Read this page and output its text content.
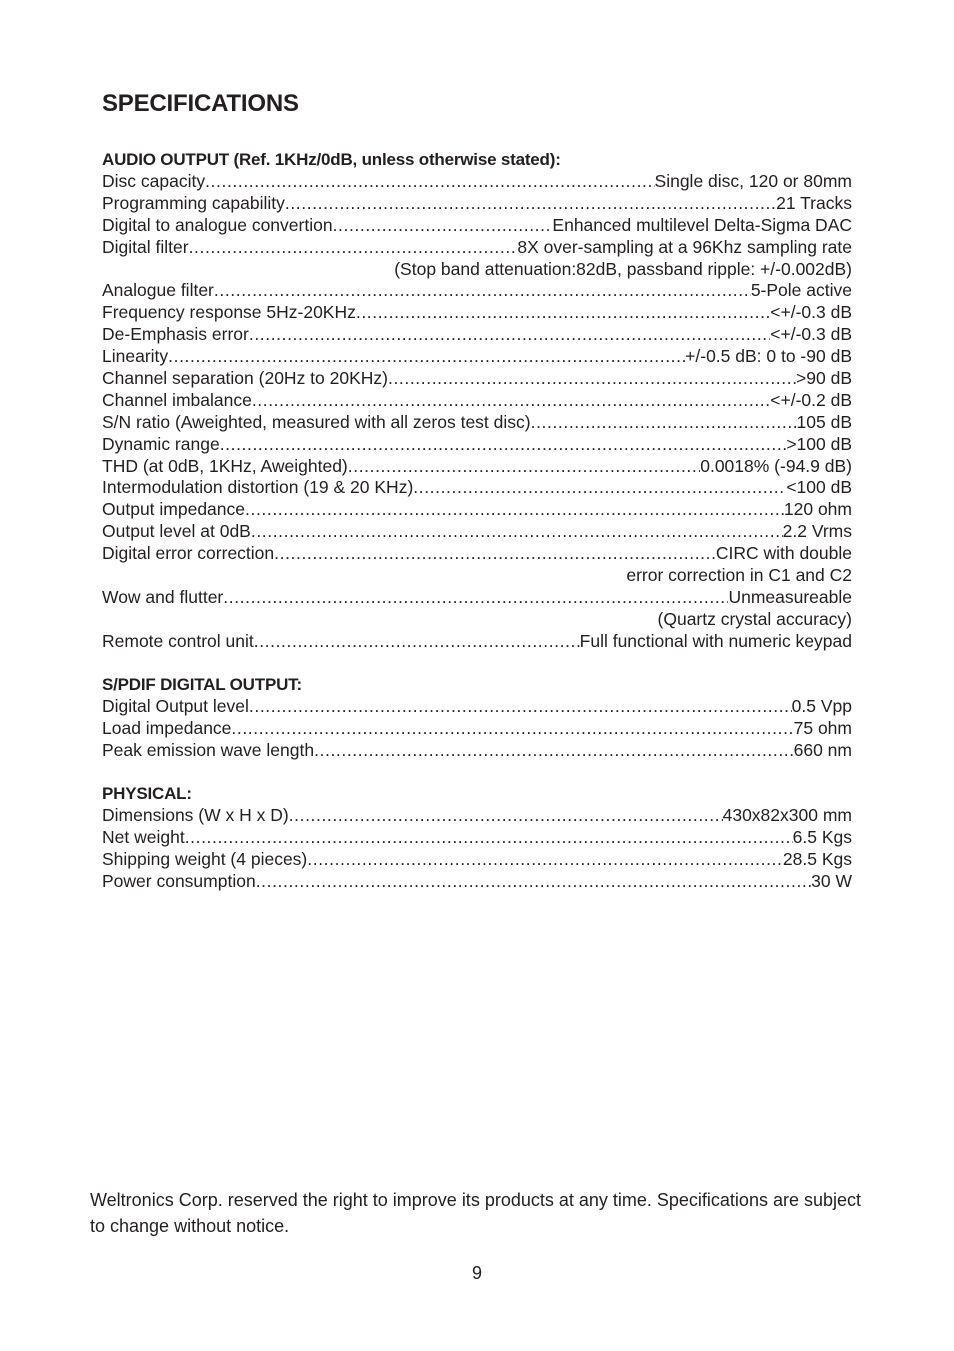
SPECIFICATIONS
AUDIO OUTPUT (Ref. 1KHz/0dB, unless otherwise stated):
Disc capacity .....	Single disc, 120 or 80mm
Programming capability .....	21 Tracks
Digital to analogue convertion .....	Enhanced multilevel Delta-Sigma DAC
Digital filter .....	8X over-sampling at a 96Khz sampling rate
(Stop band attenuation:82dB, passband ripple: +/-0.002dB)
Analogue filter .....	5-Pole active
Frequency response 5Hz-20KHz .....	<+/-0.3 dB
De-Emphasis error .....	<+/-0.3 dB
Linearity .....	+/-0.5 dB: 0 to -90 dB
Channel separation (20Hz to 20KHz) .....	>90 dB
Channel imbalance .....	<+/-0.2 dB
S/N ratio (Aweighted, measured with all zeros test disc) .....	105 dB
Dynamic range .....	>100 dB
THD (at 0dB, 1KHz, Aweighted) .....	0.0018% (-94.9 dB)
Intermodulation distortion (19 & 20 KHz) .....	<100 dB
Output impedance .....	120 ohm
Output level at 0dB .....	2.2 Vrms
Digital error correction .....	CIRC with double
error correction in C1 and C2
Wow and flutter .....	Unmeasureable
(Quartz crystal accuracy)
Remote control unit .....	Full functional with numeric keypad
S/PDIF DIGITAL OUTPUT:
Digital Output level .....	0.5 Vpp
Load impedance .....	75 ohm
Peak emission wave length .....	660 nm
PHYSICAL:
Dimensions (W x H x D) .....	430x82x300 mm
Net weight .....	6.5 Kgs
Shipping weight (4 pieces) .....	28.5 Kgs
Power consumption .....	30 W

Weltronics Corp. reserved the right to improve its products at any time. Specifications are subject to change without notice.

9
